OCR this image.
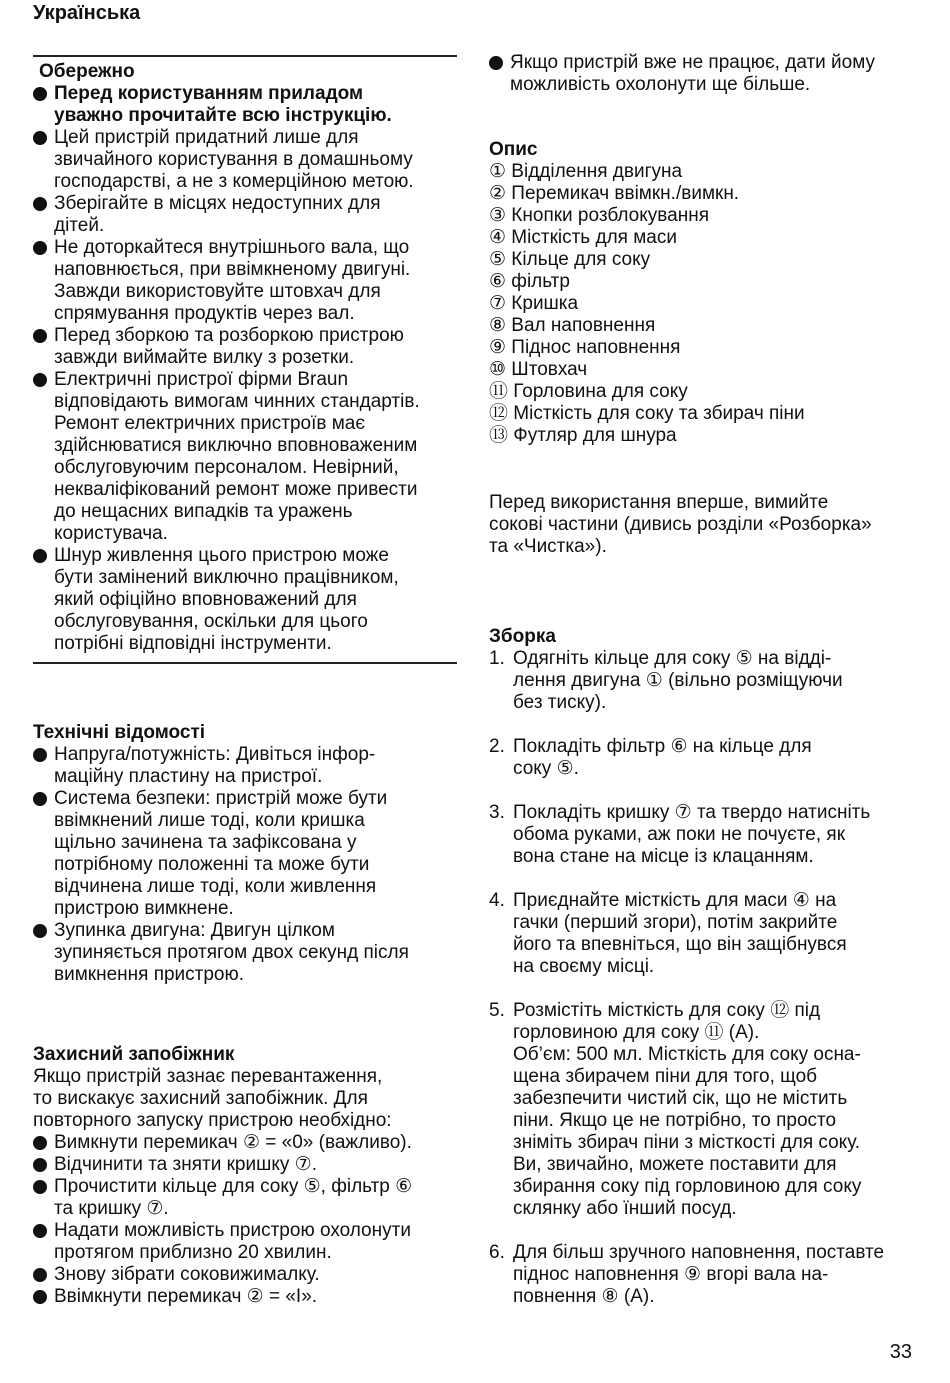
Українська
Обережно
Перед користуванням приладом
уважно прочитайте всю інструкцію.
Цей пристрій придатний лише для
звичайного користування в домашньому
господарстві, а не з комерційною метою.
Зберігайте в місцях недоступних для
дітей.
Не доторкайтеся внутрішнього вала, що
наповнюється, при ввімкненому двигуні.
Завжди використовуйте штовхач для
спрямування продуктів через вал.
Перед зборкою та розборкою пристрою
завжди виймайте вилку з розетки.
Електричні пристрої фірми Braun
відповідають вимогам чинних стандартів.
Ремонт електричних пристроїв має
здійснюватися виключно вповноваженим
обслуговуючим персоналом. Невірний,
некваліфікований ремонт може привести
до нещасних випадків та уражень
користувача.
Шнур живлення цього пристрою може
бути замінений виключно працівником,
який офіційно вповноважений для
обслуговування, оскільки для цього
потрібні відповідні інструменти.
Технічні відомості
Напруга/потужність: Дивіться інфор-
маційну пластину на пристрої.
Система безпеки: пристрій може бути
ввімкнений лише тоді, коли кришка
щільно зачинена та зафіксована у
потрібному положенні та може бути
відчинена лише тоді, коли живлення
пристрою вимкнене.
Зупинка двигуна: Двигун цілком
зупиняється протягом двох секунд після
вимкнення пристрою.
Захисний запобіжник
Якщо пристрій зазнає перевантаження,
то вискакує захисний запобіжник. Для
повторного запуску пристрою необхідно:
Вимкнути перемикач ② = «0» (важливо).
Відчинити та зняти кришку ⑦.
Прочистити кільце для соку ⑤, фільтр ⑥
та кришку ⑦.
Надати можливість пристрою охолонути
протягом приблизно 20 хвилин.
Знову зібрати соковижималку.
Ввімкнути перемикач ② = «I».
Якщо пристрій вже не працює, дати йому
можливість охолонути ще більше.
Опис
① Відділення двигуна
② Перемикач ввімкн./вимкн.
③ Кнопки розблокування
④ Місткість для маси
⑤ Кільце для соку
⑥ фільтр
⑦ Кришка
⑧ Вал наповнення
⑨ Піднос наповнення
⑩ Штовхач
⑪ Горловина для соку
⑫ Місткість для соку та збирач піни
⑬ Футляр для шнура
Перед використання вперше, вимийте
сокові частини (дивись розділи «Розборка»
та «Чистка»).
Зборка
1. Одягніть кільце для соку ⑤ на відді-
лення двигуна ① (вільно розміщуючи
без тиску).
2. Покладіть фільтр ⑥ на кільце для
соку ⑤.
3. Покладіть кришку ⑦ та твердо натисніть
обома руками, аж поки не почуєте, як
вона стане на місце із клацанням.
4. Приєднайте місткість для маси ④ на
гачки (перший згори), потім закрийте
його та впевніться, що він защібнувся
на своєму місці.
5. Розмістіть місткість для соку ⑫ під
горловиною для соку ⑪ (A).
Об’єм: 500 мл. Місткість для соку осна-
щена збирачем піни для того, щоб
забезпечити чистий сік, що не містить
піни. Якщо це не потрібно, то просто
зніміть збирач піни з місткості для соку.
Ви, звичайно, можете поставити для
збирання соку під горловиною для соку
склянку або їнший посуд.
6. Для більш зручного наповнення, поставте
піднос наповнення ⑨ вгорі вала на-
повнення ⑧ (A).
33
